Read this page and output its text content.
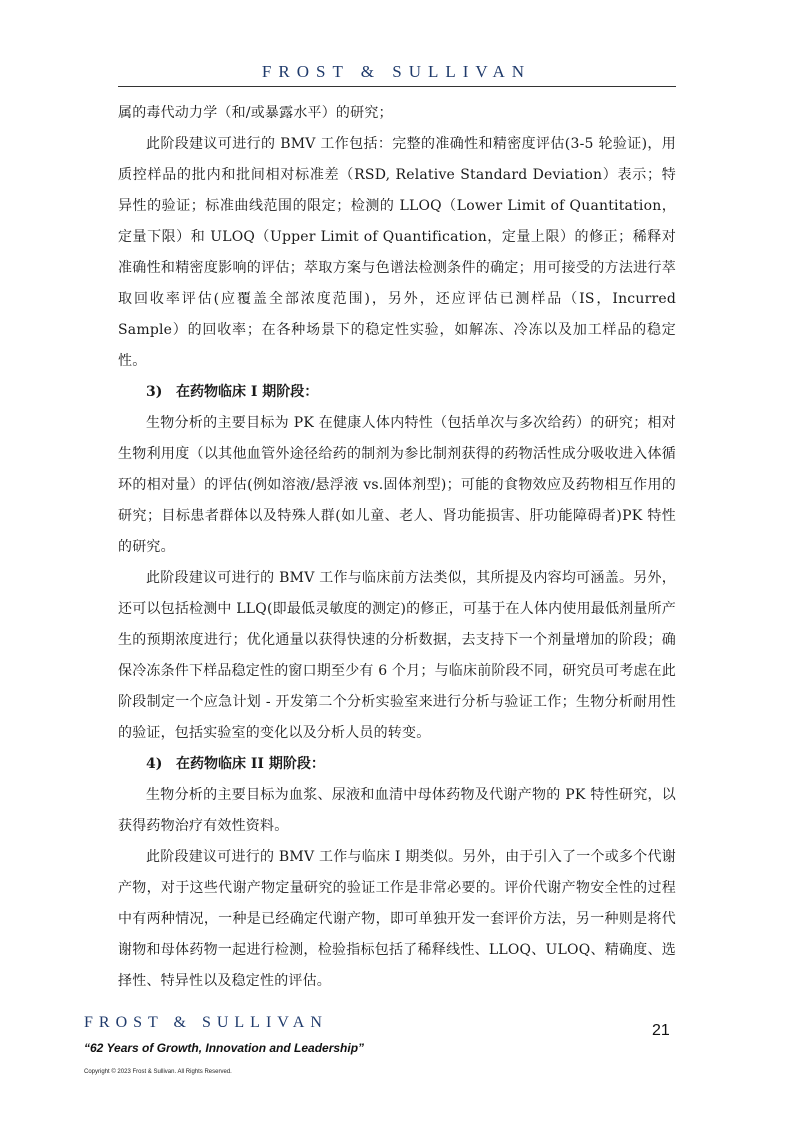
FROST & SULLIVAN

属的毒代动力学（和/或暴露水平）的研究；

此阶段建议可进行的 BMV 工作包括：完整的准确性和精密度评估(3-5 轮验证)，用质控样品的批内和批间相对标准差（RSD, Relative Standard Deviation）表示；特异性的验证；标准曲线范围的限定；检测的 LLOQ（Lower Limit of Quantitation，定量下限）和 ULOQ（Upper Limit of Quantification，定量上限）的修正；稀释对准确性和精密度影响的评估；萃取方案与色谱法检测条件的确定；用可接受的方法进行萃取回收率评估(应覆盖全部浓度范围)，另外，还应评估已测样品（IS，Incurred Sample）的回收率；在各种场景下的稳定性实验，如解冻、冷冻以及加工样品的稳定性。

3) 在药物临床 I 期阶段：

生物分析的主要目标为 PK 在健康人体内特性（包括单次与多次给药）的研究；相对生物利用度（以其他血管外途径给药的制剂为参比制剂获得的药物活性成分吸收进入体循环的相对量）的评估(例如溶液/悬浮液 vs.固体剂型)；可能的食物效应及药物相互作用的研究；目标患者群体以及特殊人群(如儿童、老人、肾功能损害、肝功能障碍者)PK 特性的研究。

此阶段建议可进行的 BMV 工作与临床前方法类似，其所提及内容均可涵盖。另外，还可以包括检测中 LLQ(即最低灵敏度的测定)的修正，可基于在人体内使用最低剂量所产生的预期浓度进行；优化通量以获得快速的分析数据，去支持下一个剂量增加的阶段；确保冷冻条件下样品稳定性的窗口期至少有 6 个月；与临床前阶段不同，研究员可考虑在此阶段制定一个应急计划 - 开发第二个分析实验室来进行分析与验证工作；生物分析耐用性的验证，包括实验室的变化以及分析人员的转变。

4) 在药物临床 II 期阶段：

生物分析的主要目标为血浆、尿液和血清中母体药物及代谢产物的 PK 特性研究，以获得药物治疗有效性资料。

此阶段建议可进行的 BMV 工作与临床 I 期类似。另外，由于引入了一个或多个代谢产物，对于这些代谢产物定量研究的验证工作是非常必要的。评价代谢产物安全性的过程中有两种情况，一种是已经确定代谢产物，即可单独开发一套评价方法，另一种则是将代谢物和母体药物一起进行检测，检验指标包括了稀释线性、LLOQ、ULOQ、精确度、选择性、特异性以及稳定性的评估。

FROST & SULLIVAN	21
“62 Years of Growth, Innovation and Leadership”
Copyright © 2023 Frost & Sullivan. All Rights Reserved.
